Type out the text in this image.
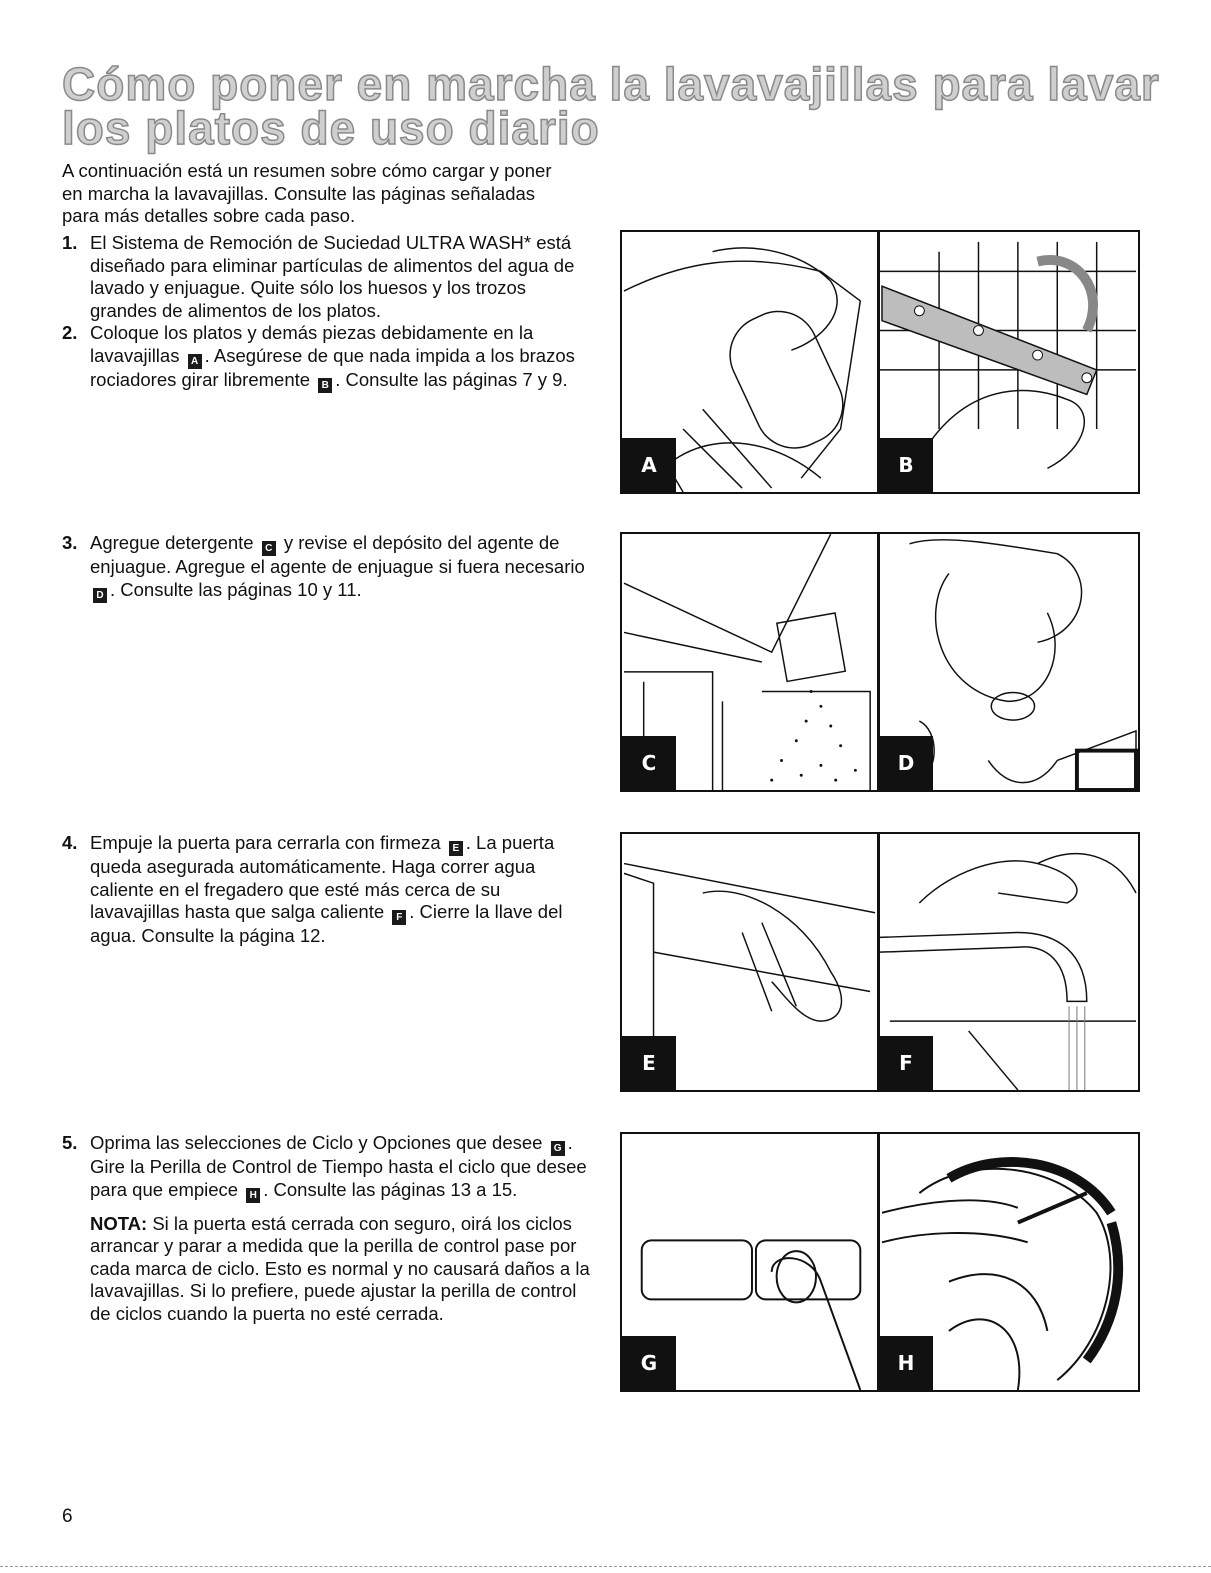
Cómo poner en marcha la lavavajillas para lavar los platos de uso diario
A continuación está un resumen sobre cómo cargar y poner en marcha la lavavajillas. Consulte las páginas señaladas para más detalles sobre cada paso.
1. El Sistema de Remoción de Suciedad ULTRA WASH* está diseñado para eliminar partículas de alimentos del agua de lavado y enjuague. Quite sólo los huesos y los trozos grandes de alimentos de los platos.
2. Coloque los platos y demás piezas debidamente en la lavavajillas A . Asegúrese de que nada impida a los brazos rociadores girar libremente B . Consulte las páginas 7 y 9.
3. Agregue detergente C y revise el depósito del agente de enjuague. Agregue el agente de enjuague si fuera necesario D . Consulte las páginas 10 y 11.
4. Empuje la puerta para cerrarla con firmeza E . La puerta queda asegurada automáticamente. Haga correr agua caliente en el fregadero que esté más cerca de su lavavajillas hasta que salga caliente F . Cierre la llave del agua. Consulte la página 12.
5. Oprima las selecciones de Ciclo y Opciones que desee G . Gire la Perilla de Control de Tiempo hasta el ciclo que desee para que empiece H . Consulte las páginas 13 a 15.
NOTA: Si la puerta está cerrada con seguro, oirá los ciclos arrancar y parar a medida que la perilla de control pase por cada marca de ciclo. Esto es normal y no causará daños a la lavavajillas. Si lo prefiere, puede ajustar la perilla de control de ciclos cuando la puerta no esté cerrada.
A	B
C	D
E	F
G	H
6
